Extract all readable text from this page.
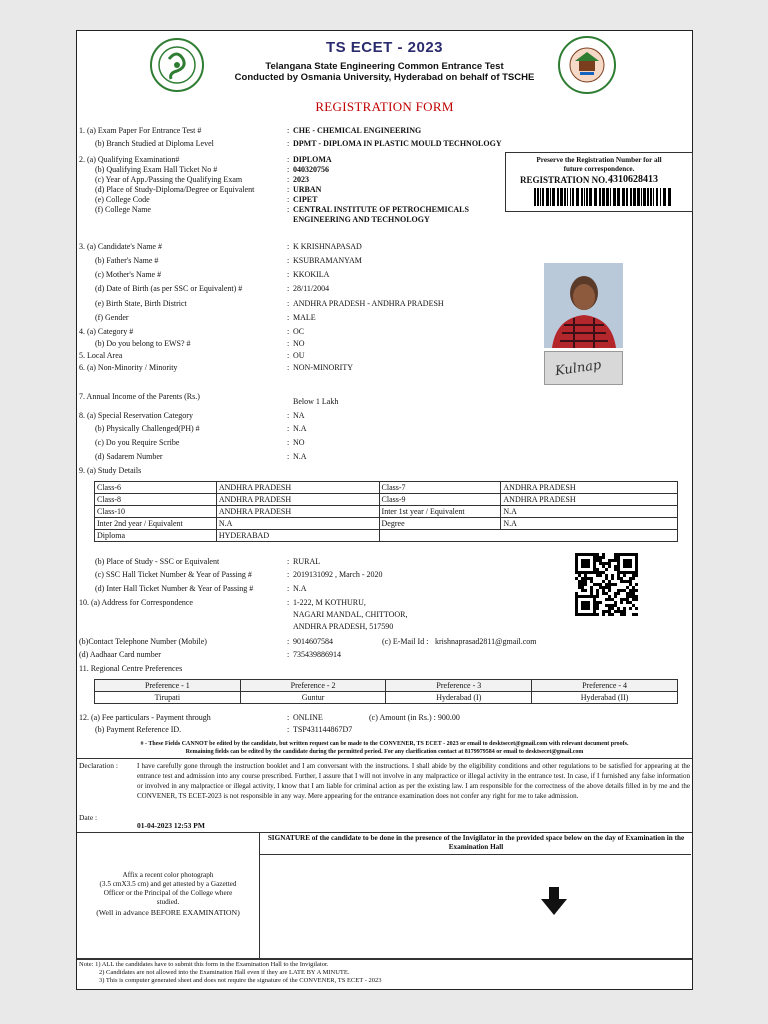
TS ECET - 2023
Telangana State Engineering Common Entrance Test
Conducted by Osmania University, Hyderabad on behalf of TSCHE
REGISTRATION FORM
1. (a) Exam Paper For Entrance Test #	: CHE - CHEMICAL ENGINEERING
(b) Branch Studied at Diploma Level	: DPMT - DIPLOMA IN PLASTIC MOULD TECHNOLOGY
2. (a) Qualifying Examination#	: DIPLOMA
(b) Qualifying Exam Hall Ticket No #	: 040320756
(c) Year of App./Passing the Qualifying Exam	: 2023
(d) Place of Study-Diploma/Degree or Equivalent	: URBAN
(e) College Code	: CIPET
(f) College Name	: CENTRAL INSTITUTE OF PETROCHEMICALS
ENGINEERING AND TECHNOLOGY
Preserve the Registration Number for all future correspondence.
REGISTRATION NO. :
4310628413
3. (a) Candidate's Name #	: K KRISHNAPASAD
(b) Father's Name #	: KSUBRAMANYAM
(c) Mother's Name #	: KKOKILA
(d) Date of Birth (as per SSC or Equivalent) #	: 28/11/2004
(e) Birth State, Birth District	: ANDHRA PRADESH - ANDHRA PRADESH
(f) Gender	: MALE
4. (a) Category #	: OC
(b) Do you belong to EWS? #	: NO
5. Local Area	: OU
6. (a) Non-Minority / Minority	: NON-MINORITY	Kulnap
7. Annual Income of the Parents (Rs.)
Below 1 Lakh
8. (a) Special Reservation Category	: NA
(b) Physically Challenged(PH) #	: N.A
(c) Do you Require Scribe	: NO
(d) Sadarem Number	: N.A
9. (a) Study Details
Class-6	ANDHRA PRADESH	Class-7	ANDHRA PRADESH
Class-8	ANDHRA PRADESH	Class-9	ANDHRA PRADESH
Class-10	ANDHRA PRADESH	Inter 1st year / Equivalent	N.A
Inter 2nd year / Equivalent	N.A	Degree	N.A
Diploma	HYDERABAD		
(b) Place of Study - SSC or Equivalent	: RURAL
(c) SSC Hall Ticket Number & Year of Passing #	: 2019131092 , March - 2020
(d) Inter Hall Ticket Number & Year of Passing #	: N.A
10. (a) Address for Correspondence	: 1-222, M KOTHURU,
NAGARI MANDAL, CHITTOOR,
ANDHRA PRADESH, 517590
(b)Contact Telephone Number (Mobile)	: 9014607584	(c) E-Mail Id : krishnaprasad2811@gmail.com
(d) Aadhaar Card number	: 735439886914
11. Regional Centre Preferences
Preference - 1	Preference - 2	Preference - 3	Preference - 4
Tirupati	Guntur	Hyderabad (I)	Hyderabad (II)
12. (a) Fee particulars - Payment through	: ONLINE	(c) Amount (in Rs.) : 900.00
(b) Payment Reference ID.	: TSP431144867D7
# - These Fields CANNOT be edited by the candidate, but written request can be made to the CONVENER, TS ECET - 2023 or email to desktsecet@gmail.com with relevant document proofs.
Remaining fields can be edited by the candidate during the permitted period. For any clarification contact at 8179979584 or email to desktsecet@gmail.com
Declaration :	I have carefully gone through the instruction booklet and I am conversant with the instructions. I shall abide by the eligibility conditions and other regulations to be satisfied for appearing at the entrance test and admission into any course prescribed. Further, I assure that I will not involve in any malpractice or illegal activity in the entrance test. In case, if I furnished any false information or involved in any malpractice or illegal activity, I know that I am liable for criminal action as per the existing law. I am responsible for the correctness of the above details filled in by me and the CONVENER, TS ECET-2023 is not responsible in any way. Mere appearing for the entrance examination does not confer any right for me to take admission.
Date :
01-04-2023 12:53 PM
Affix a recent color photograph
(3.5 cmX3.5 cm) and get attested by a Gazetted
Officer or the Principal of the College where
studied.
(Well in advance BEFORE EXAMINATION)
SIGNATURE of the candidate to be done in the presence of the Invigilator in the provided space below on the day of Examination in the Examination Hall
Note: 1) ALL the candidates have to submit this form in the Examination Hall to the Invigilator.
2) Candidates are not allowed into the Examination Hall even if they are LATE BY A MINUTE.
3) This is computer generated sheet and does not require the signature of the CONVENER, TS ECET - 2023
